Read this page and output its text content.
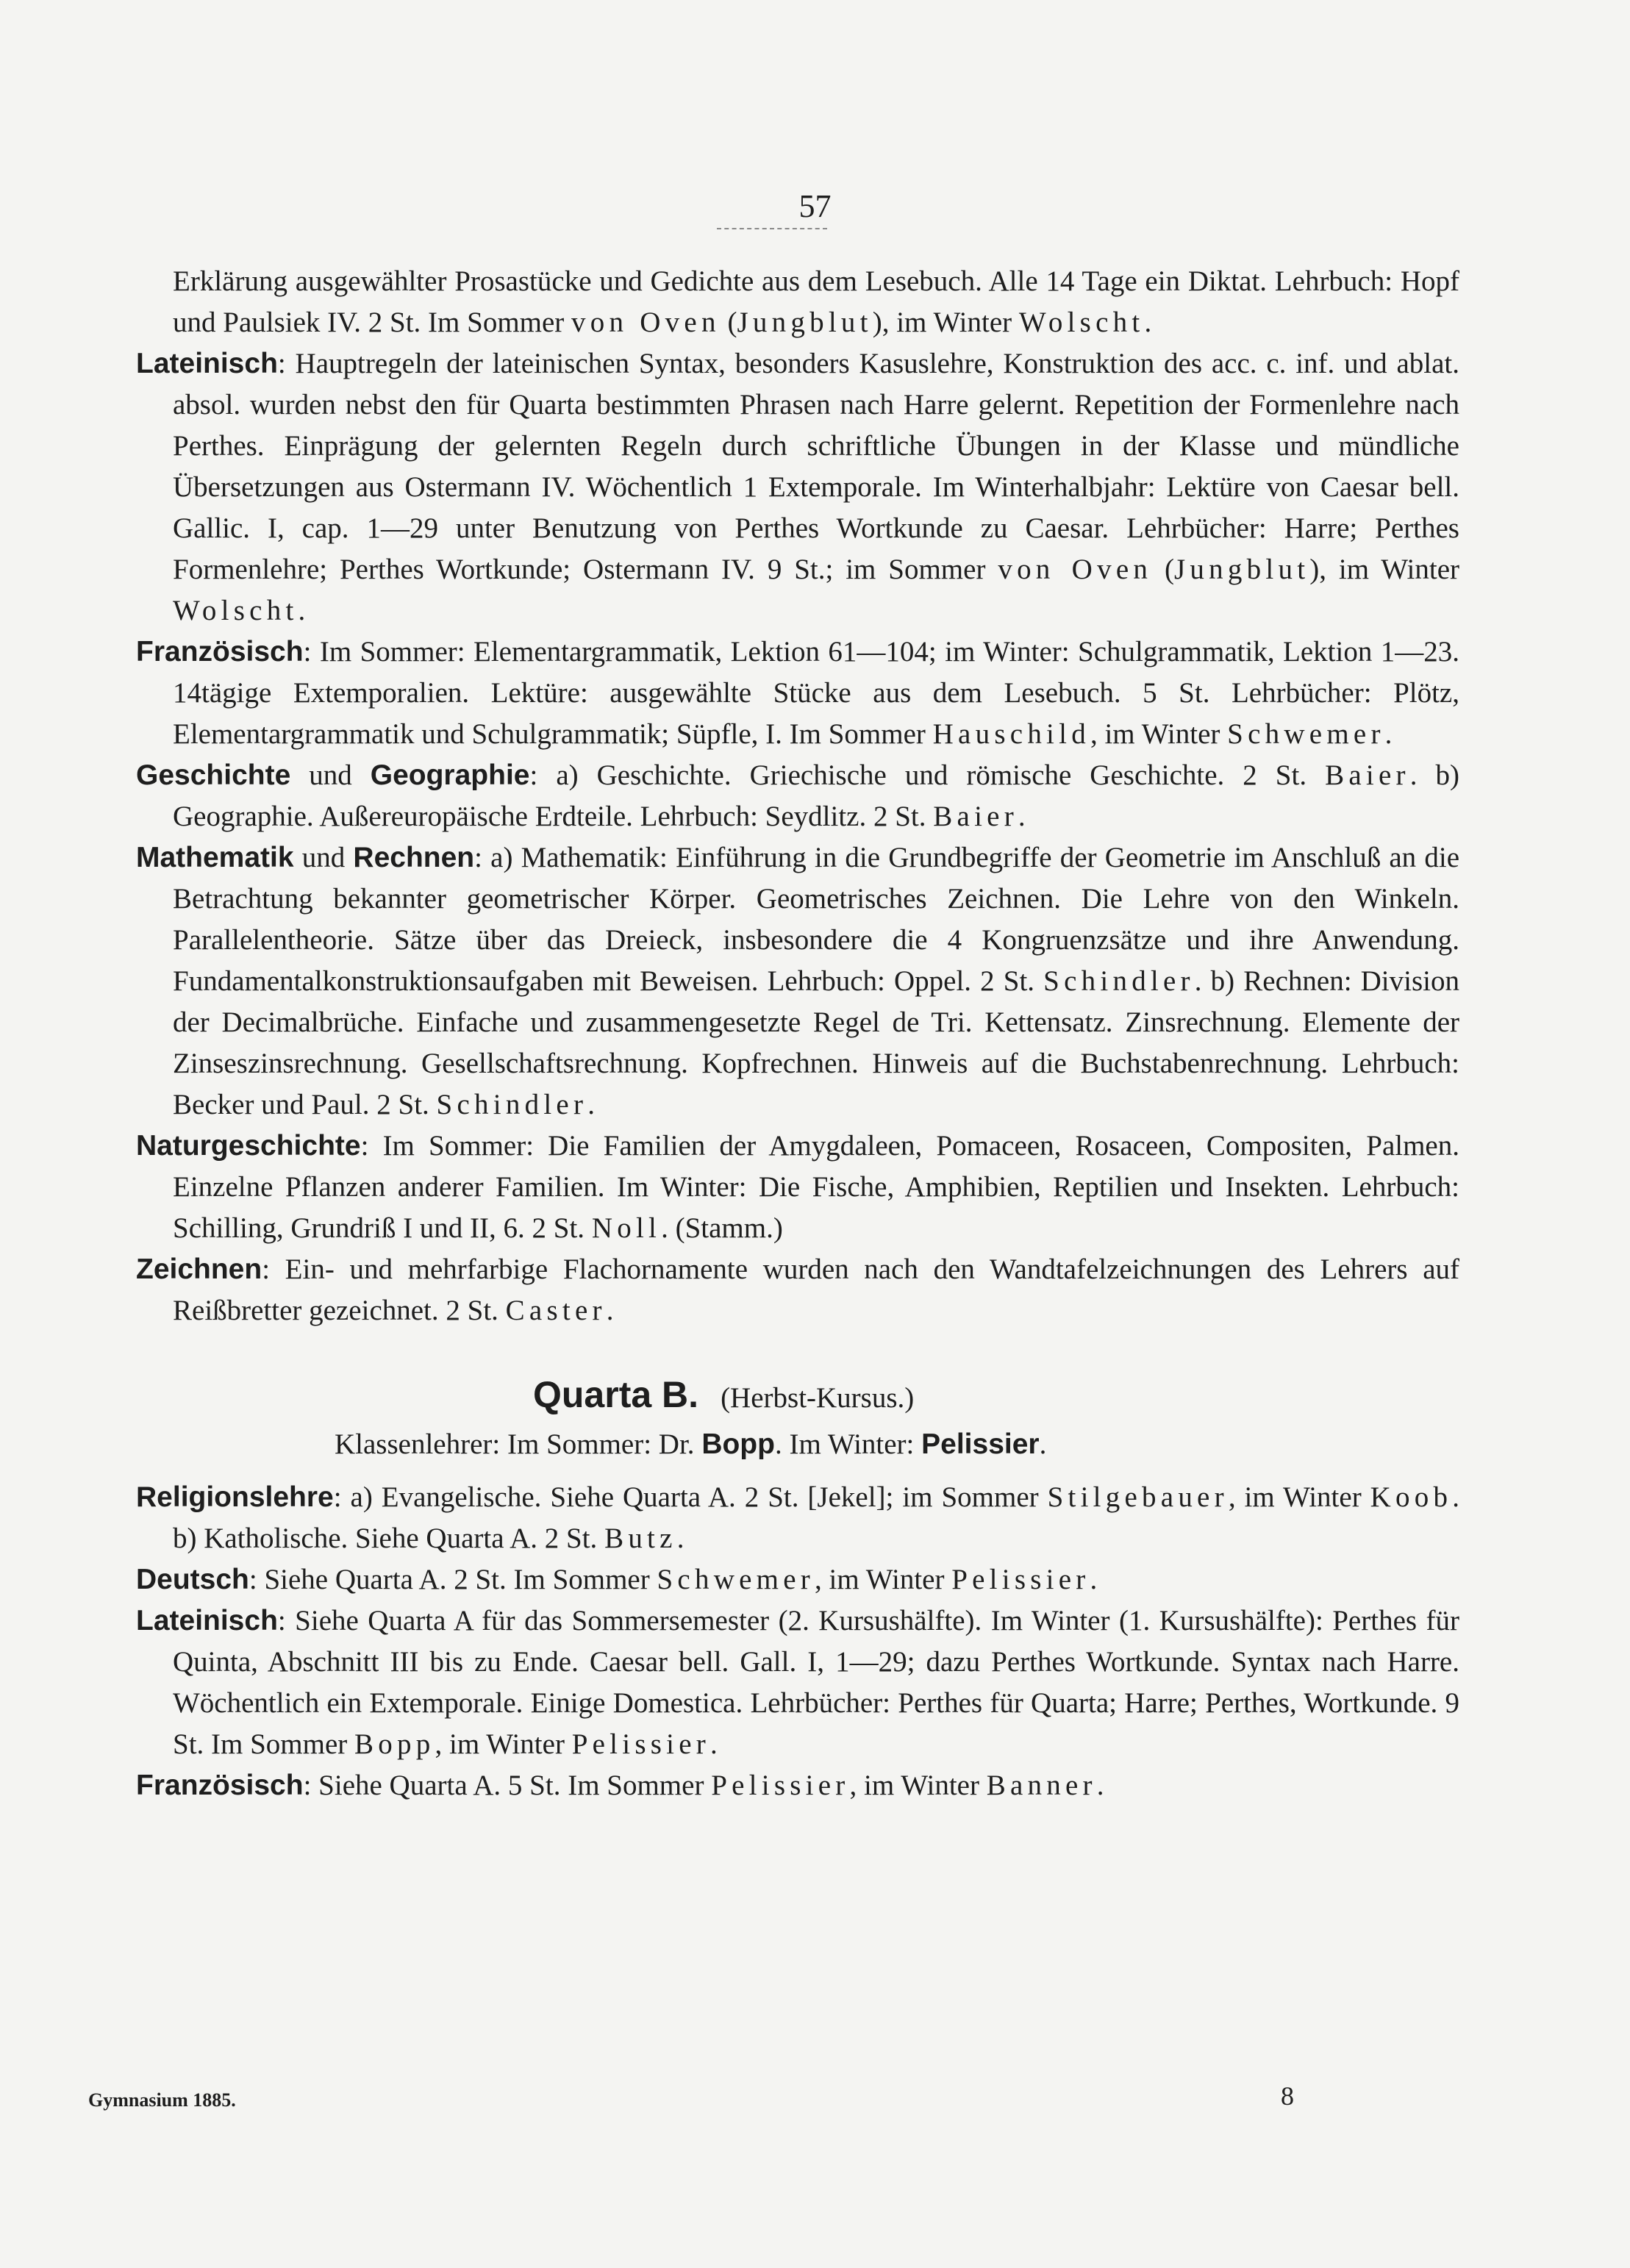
57

Erklärung ausgewählter Prosastücke und Gedichte aus dem Lesebuch. Alle 14 Tage ein Diktat. Lehrbuch: Hopf und Paulsiek IV. 2 St. Im Sommer von Oven (Jungblut), im Winter Wolscht.

Lateinisch: Hauptregeln der lateinischen Syntax, besonders Kasuslehre, Konstruktion des acc. c. inf. und ablat. absol. wurden nebst den für Quarta bestimmten Phrasen nach Harre gelernt. Repetition der Formenlehre nach Perthes. Einprägung der gelernten Regeln durch schriftliche Übungen in der Klasse und mündliche Übersetzungen aus Ostermann IV. Wöchentlich 1 Extemporale. Im Winterhalbjahr: Lektüre von Caesar bell. Gallic. I, cap. 1—29 unter Benutzung von Perthes Wortkunde zu Caesar. Lehrbücher: Harre; Perthes Formenlehre; Perthes Wortkunde; Ostermann IV. 9 St.; im Sommer von Oven (Jungblut), im Winter Wolscht.

Französisch: Im Sommer: Elementargrammatik, Lektion 61—104; im Winter: Schulgrammatik, Lektion 1—23. 14tägige Extemporalien. Lektüre: ausgewählte Stücke aus dem Lesebuch. 5 St. Lehrbücher: Plötz, Elementargrammatik und Schulgrammatik; Süpfle, I. Im Sommer Hauschild, im Winter Schwemer.

Geschichte und Geographie: a) Geschichte. Griechische und römische Geschichte. 2 St. Baier. b) Geographie. Außereuropäische Erdteile. Lehrbuch: Seydlitz. 2 St. Baier.

Mathematik und Rechnen: a) Mathematik: Einführung in die Grundbegriffe der Geometrie im Anschluß an die Betrachtung bekannter geometrischer Körper. Geometrisches Zeichnen. Die Lehre von den Winkeln. Parallelentheorie. Sätze über das Dreieck, insbesondere die 4 Kongruenzsätze und ihre Anwendung. Fundamentalkonstruktionsaufgaben mit Beweisen. Lehrbuch: Oppel. 2 St. Schindler. b) Rechnen: Division der Decimalbrüche. Einfache und zusammengesetzte Regel de Tri. Kettensatz. Zinsrechnung. Elemente der Zinseszinsrechnung. Gesellschaftsrechnung. Kopfrechnen. Hinweis auf die Buchstabenrechnung. Lehrbuch: Becker und Paul. 2 St. Schindler.

Naturgeschichte: Im Sommer: Die Familien der Amygdaleen, Pomaceen, Rosaceen, Compositen, Palmen. Einzelne Pflanzen anderer Familien. Im Winter: Die Fische, Amphibien, Reptilien und Insekten. Lehrbuch: Schilling, Grundriß I und II, 6. 2 St. Noll. (Stamm.)

Zeichnen: Ein- und mehrfarbige Flachornamente wurden nach den Wandtafelzeichnungen des Lehrers auf Reißbretter gezeichnet. 2 St. Caster.

Quarta B. (Herbst-Kursus.)
Klassenlehrer: Im Sommer: Dr. Bopp. Im Winter: Pelissier.

Religionslehre: a) Evangelische. Siehe Quarta A. 2 St. [Jekel]; im Sommer Stilgebauer, im Winter Koob. b) Katholische. Siehe Quarta A. 2 St. Butz.

Deutsch: Siehe Quarta A. 2 St. Im Sommer Schwemer, im Winter Pelissier.

Lateinisch: Siehe Quarta A für das Sommersemester (2. Kursushälfte). Im Winter (1. Kursushälfte): Perthes für Quinta, Abschnitt III bis zu Ende. Caesar bell. Gall. I, 1—29; dazu Perthes Wortkunde. Syntax nach Harre. Wöchentlich ein Extemporale. Einige Domestica. Lehrbücher: Perthes für Quarta; Harre; Perthes, Wortkunde. 9 St. Im Sommer Bopp, im Winter Pelissier.

Französisch: Siehe Quarta A. 5 St. Im Sommer Pelissier, im Winter Banner.

Gymnasium 1885.	8
